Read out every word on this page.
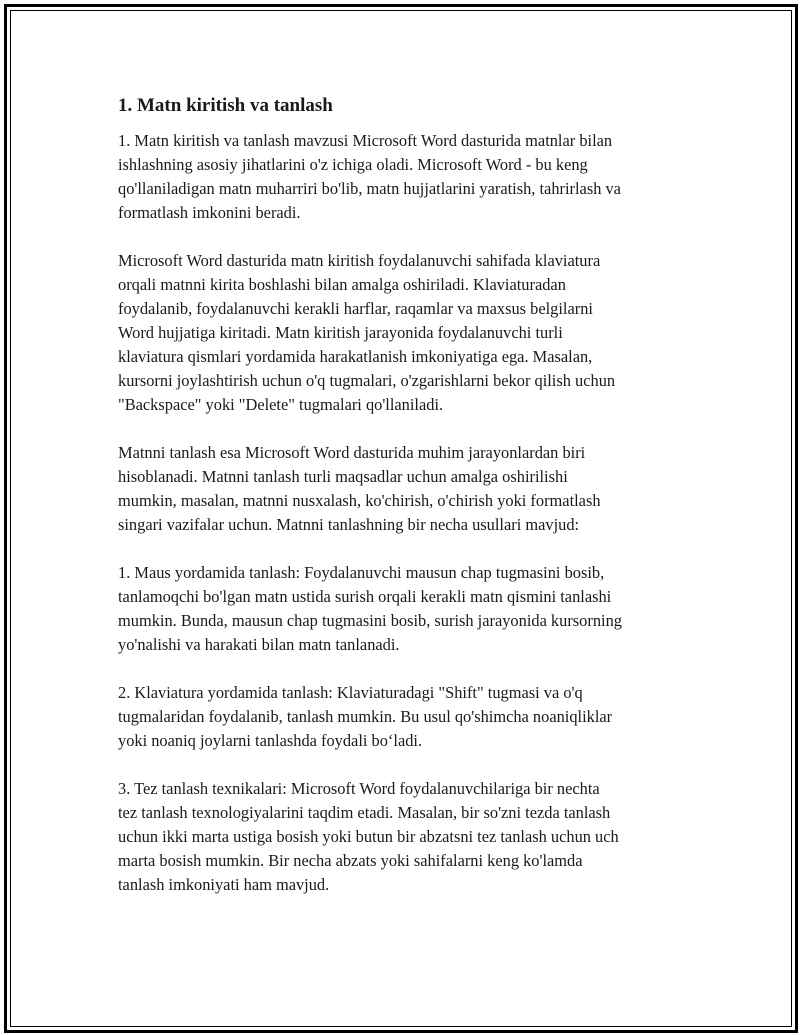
1. Matn kiritish va tanlash

1. Matn kiritish va tanlash mavzusi Microsoft Word dasturida matnlar bilan
ishlashning asosiy jihatlarini o'z ichiga oladi. Microsoft Word - bu keng
qo'llaniladigan matn muharriri bo'lib, matn hujjatlarini yaratish, tahrirlash va
formatlash imkonini beradi.

Microsoft Word dasturida matn kiritish foydalanuvchi sahifada klaviatura
orqali matnni kirita boshlashi bilan amalga oshiriladi. Klaviaturadan
foydalanib, foydalanuvchi kerakli harflar, raqamlar va maxsus belgilarni
Word hujjatiga kiritadi. Matn kiritish jarayonida foydalanuvchi turli
klaviatura qismlari yordamida harakatlanish imkoniyatiga ega. Masalan,
kursorni joylashtirish uchun o'q tugmalari, o'zgarishlarni bekor qilish uchun
"Backspace" yoki "Delete" tugmalari qo'llaniladi.

Matnni tanlash esa Microsoft Word dasturida muhim jarayonlardan biri
hisoblanadi. Matnni tanlash turli maqsadlar uchun amalga oshirilishi
mumkin, masalan, matnni nusxalash, ko'chirish, o'chirish yoki formatlash
singari vazifalar uchun. Matnni tanlashning bir necha usullari mavjud:

1. Maus yordamida tanlash: Foydalanuvchi mausun chap tugmasini bosib,
tanlamoqchi bo'lgan matn ustida surish orqali kerakli matn qismini tanlashi
mumkin. Bunda, mausun chap tugmasini bosib, surish jarayonida kursorning
yo'nalishi va harakati bilan matn tanlanadi.

2. Klaviatura yordamida tanlash: Klaviaturadagi "Shift" tugmasi va o'q
tugmalaridan foydalanib, tanlash mumkin. Bu usul qo'shimcha noaniqliklar
yoki noaniq joylarni tanlashda foydali bo‘ladi.

3. Tez tanlash texnikalari: Microsoft Word foydalanuvchilariga bir nechta
tez tanlash texnologiyalarini taqdim etadi. Masalan, bir so'zni tezda tanlash
uchun ikki marta ustiga bosish yoki butun bir abzatsni tez tanlash uchun uch
marta bosish mumkin. Bir necha abzats yoki sahifalarni keng ko'lamda
tanlash imkoniyati ham mavjud.
